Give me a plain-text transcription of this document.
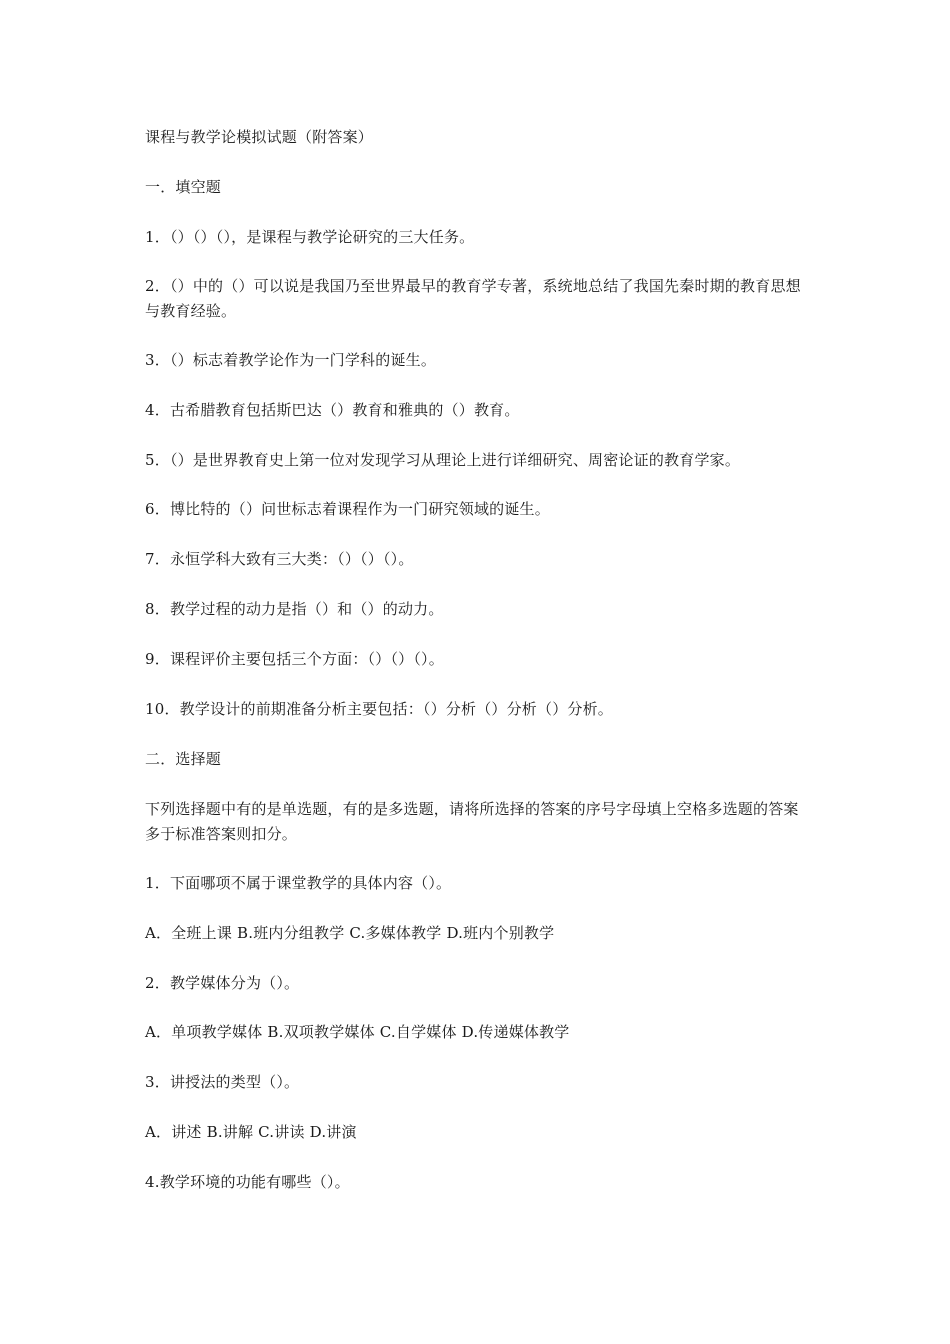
课程与教学论模拟试题（附答案）

一．填空题

1．（）（）（），是课程与教学论研究的三大任务。

2．（）中的（）可以说是我国乃至世界最早的教育学专著，系统地总结了我国先秦时期的教育思想与教育经验。

3．（）标志着教学论作为一门学科的诞生。

4．古希腊教育包括斯巴达（）教育和雅典的（）教育。

5．（）是世界教育史上第一位对发现学习从理论上进行详细研究、周密论证的教育学家。

6．博比特的（）问世标志着课程作为一门研究领域的诞生。

7．永恒学科大致有三大类：（）（）（）。

8．教学过程的动力是指（）和（）的动力。

9．课程评价主要包括三个方面：（）（）（）。

10．教学设计的前期准备分析主要包括：（）分析（）分析（）分析。

二．选择题

下列选择题中有的是单选题，有的是多选题，请将所选择的答案的序号字母填上空格多选题的答案多于标准答案则扣分。

1．下面哪项不属于课堂教学的具体内容（）。

A．全班上课 B.班内分组教学 C.多媒体教学 D.班内个别教学

2．教学媒体分为（）。

A．单项教学媒体 B.双项教学媒体 C.自学媒体 D.传递媒体教学

3．讲授法的类型（）。

A．讲述 B.讲解 C.讲读 D.讲演

4.教学环境的功能有哪些（）。
